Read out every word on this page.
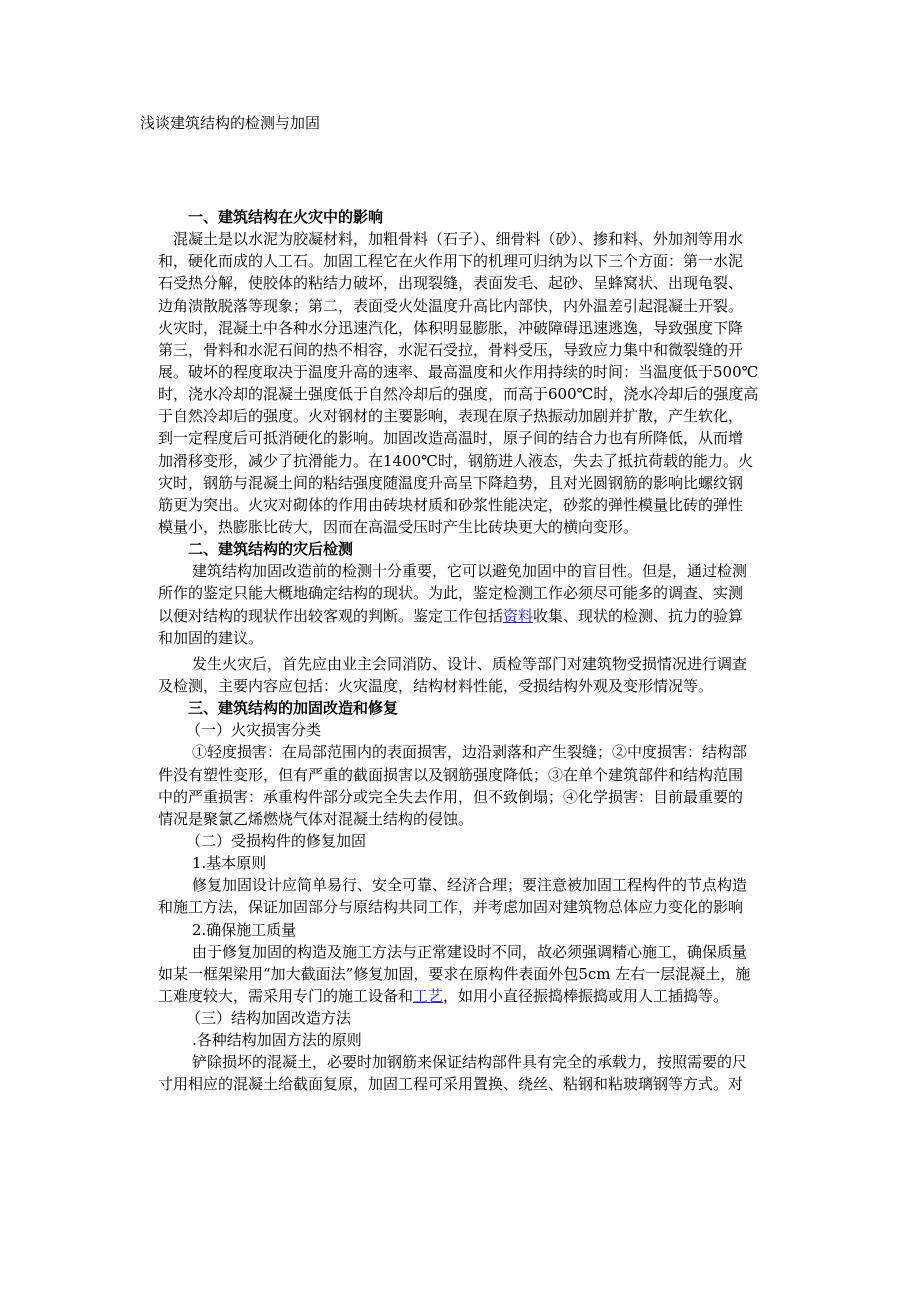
浅谈建筑结构的检测与加固
一、建筑结构在火灾中的影响
混凝土是以水泥为胶凝材料，加粗骨料（石子）、细骨料（砂）、掺和料、外加剂等用水
和，硬化而成的人工石。加固工程它在火作用下的机理可归纳为以下三个方面：第一水泥
石受热分解，使胶体的粘结力破坏，出现裂缝，表面发毛、起砂、呈蜂窝状、出现龟裂、
边角溃散脱落等现象；第二，表面受火处温度升高比内部快，内外温差引起混凝土开裂。
火灾时，混凝土中各种水分迅速汽化，体积明显膨胀，冲破障碍迅速逃逸，导致强度下降
第三，骨料和水泥石间的热不相容，水泥石受拉，骨料受压，导致应力集中和微裂缝的开
展。破坏的程度取决于温度升高的速率、最高温度和火作用持续的时间：当温度低于500℃
时，浇水冷却的混凝土强度低于自然冷却后的强度，而高于600℃时，浇水冷却后的强度高
于自然冷却后的强度。火对钢材的主要影响，表现在原子热振动加剧并扩散，产生软化，
到一定程度后可抵消硬化的影响。加固改造高温时，原子间的结合力也有所降低，从而增
加滑移变形，减少了抗滑能力。在1400℃时，钢筋进人液态，失去了抵抗荷载的能力。火
灾时，钢筋与混凝土间的粘结强度随温度升高呈下降趋势，且对光圆钢筋的影响比螺纹钢
筋更为突出。火灾对砌体的作用由砖块材质和砂浆性能决定，砂浆的弹性模量比砖的弹性
模量小，热膨胀比砖大，因而在高温受压时产生比砖块更大的横向变形。
二、建筑结构的灾后检测
建筑结构加固改造前的检测十分重要，它可以避免加固中的盲目性。但是，通过检测
所作的鉴定只能大概地确定结构的现状。为此，鉴定检测工作必须尽可能多的调查、实测
以便对结构的现状作出较客观的判断。鉴定工作包括资料收集、现状的检测、抗力的验算
和加固的建议。
发生火灾后，首先应由业主会同消防、设计、质检等部门对建筑物受损情况进行调查
及检测，主要内容应包括：火灾温度，结构材料性能，受损结构外观及变形情况等。
三、建筑结构的加固改造和修复
（一）火灾损害分类
①轻度损害：在局部范围内的表面损害，边沿剥落和产生裂缝；②中度损害：结构部
件没有塑性变形，但有严重的截面损害以及钢筋强度降低；③在单个建筑部件和结构范围
中的严重损害：承重构件部分或完全失去作用，但不致倒塌；④化学损害：目前最重要的
情况是聚氯乙烯燃烧气体对混凝土结构的侵蚀。
（二）受损构件的修复加固
1.基本原则
修复加固设计应简单易行、安全可靠、经济合理；要注意被加固工程构件的节点构造
和施工方法，保证加固部分与原结构共同工作，并考虑加固对建筑物总体应力变化的影响
2.确保施工质量
由于修复加固的构造及施工方法与正常建设时不同，故必须强调精心施工，确保质量
如某一框架梁用“加大截面法”修复加固，要求在原构件表面外包5cm 左右一层混凝土，施
工难度较大，需采用专门的施工设备和工艺，如用小直径振捣棒振捣或用人工插捣等。
（三）结构加固改造方法
.各种结构加固方法的原则
铲除损坏的混凝土，必要时加钢筋来保证结构部件具有完全的承载力，按照需要的尺
寸用相应的混凝土给截面复原，加固工程可采用置换、绕丝、粘钢和粘玻璃钢等方式。对
